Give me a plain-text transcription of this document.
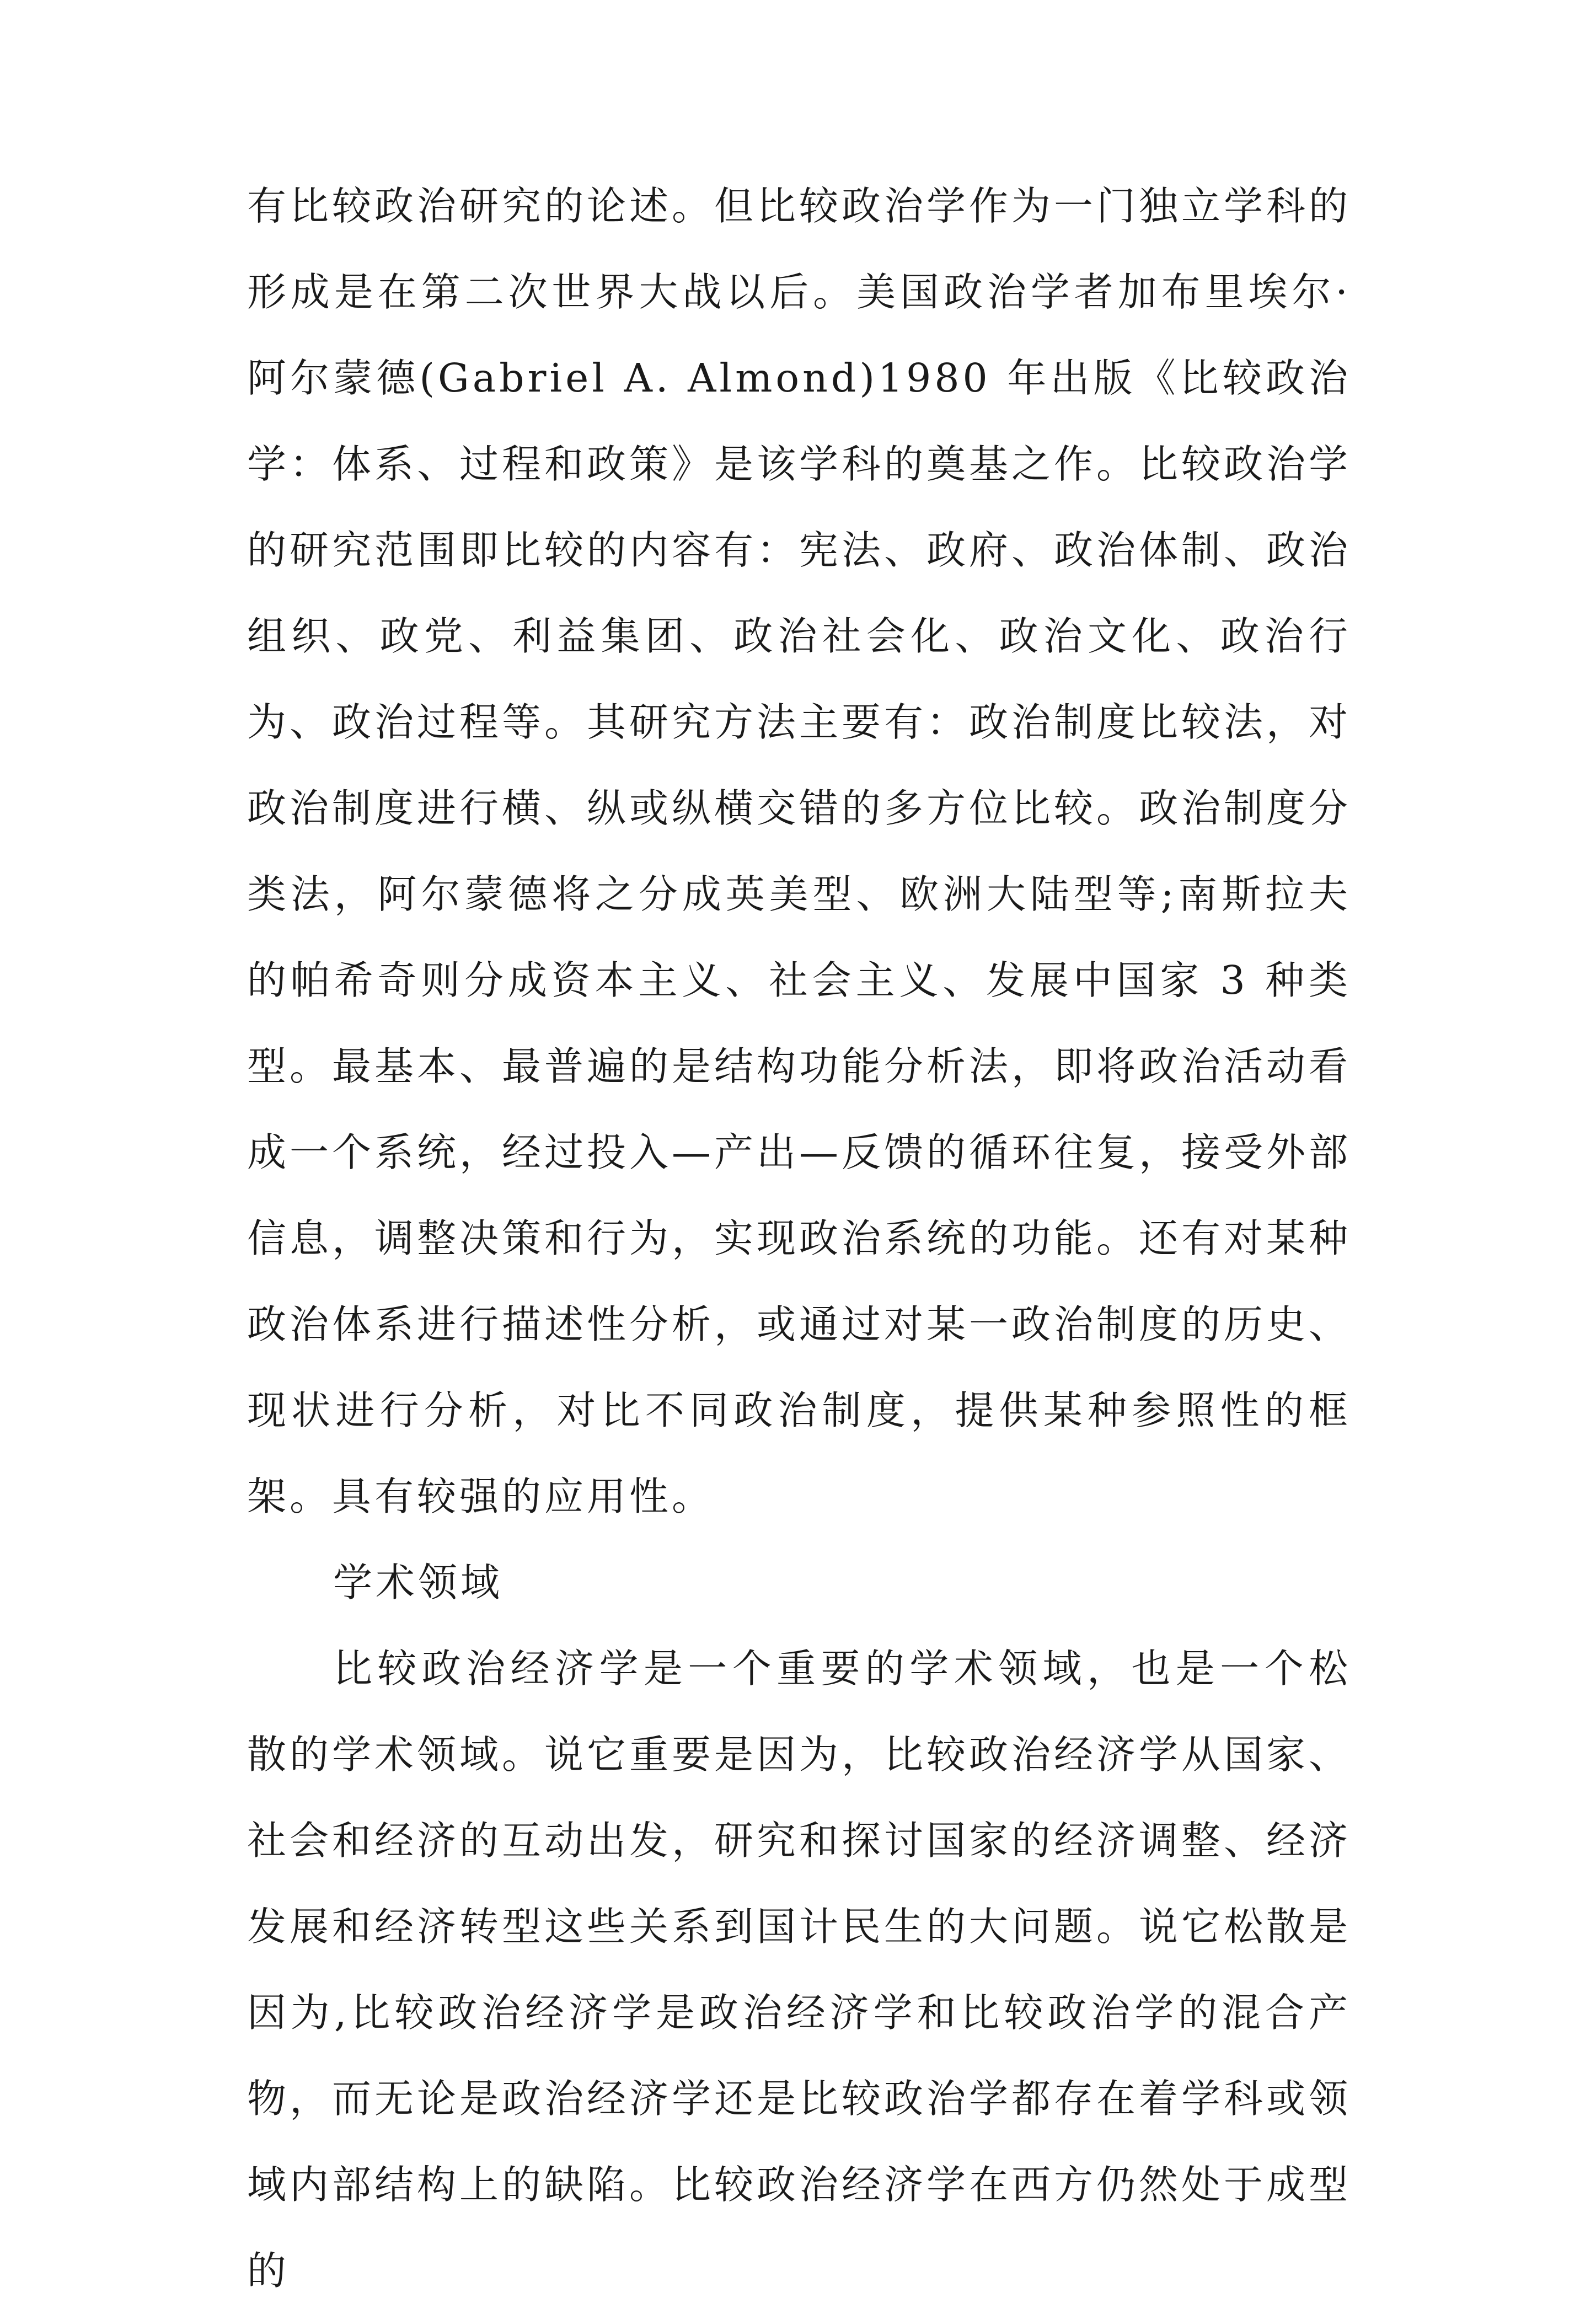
有比较政治研究的论述。但比较政治学作为一门独立学科的形成是在第二次世界大战以后。美国政治学者加布里埃尔·阿尔蒙德(Gabriel A. Almond)1980 年出版《比较政治学：体系、过程和政策》是该学科的奠基之作。比较政治学的研究范围即比较的内容有：宪法、政府、政治体制、政治组织、政党、利益集团、政治社会化、政治文化、政治行为、政治过程等。其研究方法主要有：政治制度比较法，对政治制度进行横、纵或纵横交错的多方位比较。政治制度分类法，阿尔蒙德将之分成英美型、欧洲大陆型等;南斯拉夫的帕希奇则分成资本主义、社会主义、发展中国家 3 种类型。最基本、最普遍的是结构功能分析法，即将政治活动看成一个系统，经过投入—产出—反馈的循环往复，接受外部信息，调整决策和行为，实现政治系统的功能。还有对某种政治体系进行描述性分析，或通过对某一政治制度的历史、现状进行分析，对比不同政治制度，提供某种参照性的框架。具有较强的应用性。

学术领域

比较政治经济学是一个重要的学术领域，也是一个松散的学术领域。说它重要是因为，比较政治经济学从国家、社会和经济的互动出发，研究和探讨国家的经济调整、经济发展和经济转型这些关系到国计民生的大问题。说它松散是因为,比较政治经济学是政治经济学和比较政治学的混合产物，而无论是政治经济学还是比较政治学都存在着学科或领域内部结构上的缺陷。比较政治经济学在西方仍然处于成型的
